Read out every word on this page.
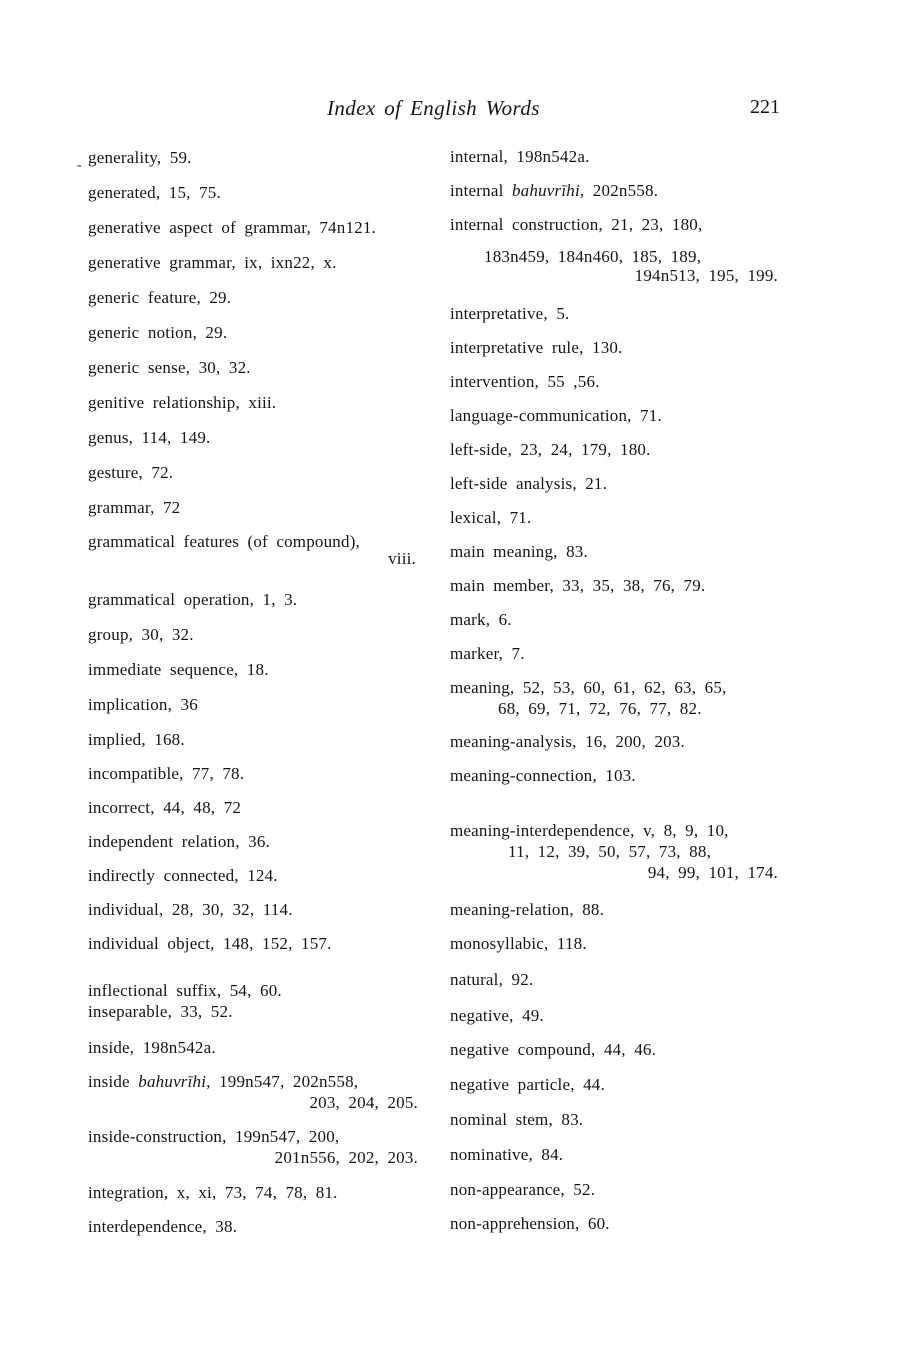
Index of English Words	221
- generality, 59.
generated, 15, 75.
generative aspect of grammar, 74n121.
generative grammar, ix, ixn22, x.
generic feature, 29.
generic notion, 29.
generic sense, 30, 32.
genitive relationship, xiii.
genus, 114, 149.
gesture, 72.
grammar, 72
grammatical features (of compound),
viii.
grammatical operation, 1, 3.
group, 30, 32.
immediate sequence, 18.
implication, 36
implied, 168.
incompatible, 77, 78.
incorrect, 44, 48, 72
independent relation, 36.
indirectly connected, 124.
individual, 28, 30, 32, 114.
individual object, 148, 152, 157.
inflectional suffix, 54, 60.
inseparable, 33, 52.
inside, 198n542a.
inside bahuvrīhi, 199n547, 202n558,
203, 204, 205.
inside-construction, 199n547, 200,
201n556, 202, 203.
integration, x, xi, 73, 74, 78, 81.
interdependence, 38.
internal, 198n542a.
internal bahuvrīhi, 202n558.
internal construction, 21, 23, 180,
183n459, 184n460, 185, 189,
194n513, 195, 199.
interpretative, 5.
interpretative rule, 130.
intervention, 55 ,56.
language-communication, 71.
left-side, 23, 24, 179, 180.
left-side analysis, 21.
lexical, 71.
main meaning, 83.
main member, 33, 35, 38, 76, 79.
mark, 6.
marker, 7.
meaning, 52, 53, 60, 61, 62, 63, 65,
68, 69, 71, 72, 76, 77, 82.
meaning-analysis, 16, 200, 203.
meaning-connection, 103.
meaning-interdependence, v, 8, 9, 10,
11, 12, 39, 50, 57, 73, 88,
94, 99, 101, 174.
meaning-relation, 88.
monosyllabic, 118.
natural, 92.
negative, 49.
negative compound, 44, 46.
negative particle, 44.
nominal stem, 83.
nominative, 84.
non-appearance, 52.
non-apprehension, 60.
